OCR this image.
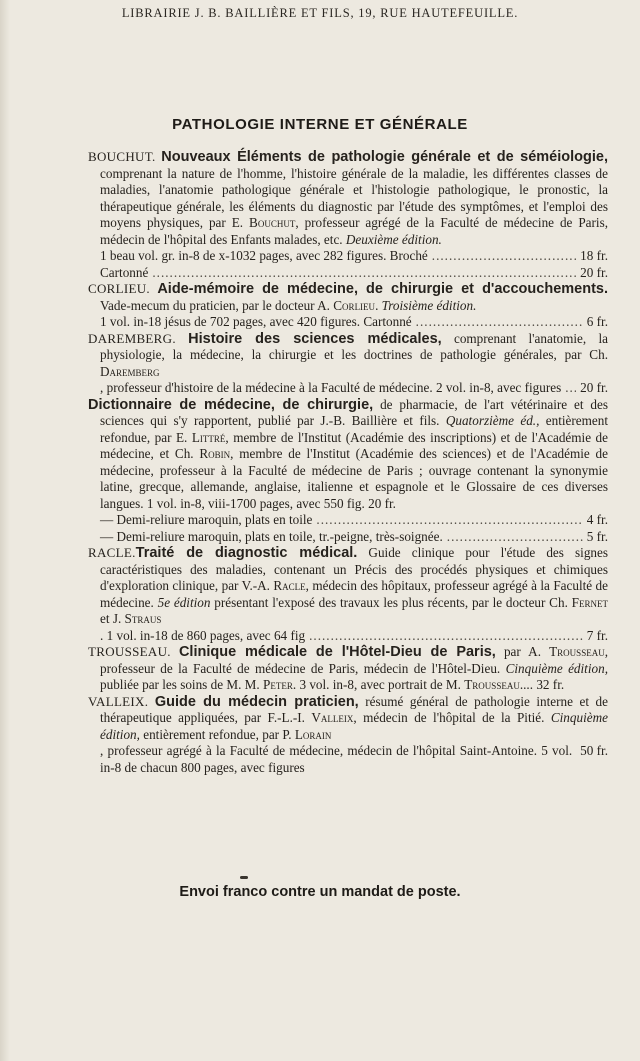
LIBRAIRIE J. B. BAILLIÈRE ET FILS, 19, RUE HAUTEFEUILLE.
PATHOLOGIE INTERNE ET GÉNÉRALE
BOUCHUT. Nouveaux Éléments de pathologie générale et de séméiologie, comprenant la nature de l'homme, l'histoire générale de la maladie, les différentes classes de maladies, l'anatomie pathologique générale et l'histologie pathologique, le pronostic, la thérapeutique générale, les éléments du diagnostic par l'étude des symptômes, et l'emploi des moyens physiques, par E. Bouchut, professeur agrégé de la Faculté de médecine de Paris, médecin de l'hôpital des Enfants malades, etc. Deuxième édition.
1 beau vol. gr. in-8 de x-1032 pages, avec 282 figures. Broché .....	18 fr.
Cartonné .....	20 fr.
CORLIEU. Aide-mémoire de médecine, de chirurgie et d'accouchements. Vade-mecum du praticien, par le docteur A. Corlieu. Troisième édition.
1 vol. in-18 jésus de 702 pages, avec 420 figures. Cartonné .....	6 fr.
DAREMBERG. Histoire des sciences médicales, comprenant l'anatomie, la physiologie, la médecine, la chirurgie et les doctrines de pathologie générales, par Ch. Daremberg
, professeur d'histoire de la médecine à la Faculté de médecine. 2 vol. in-8, avec figures ..... 20 fr.
Dictionnaire de médecine, de chirurgie, de pharmacie, de l'art vétérinaire et des sciences qui s'y rapportent, publié par J.-B. Baillière et fils. Quatorzième éd., entièrement refondue, par E. Littré, membre de l'Institut (Académie des inscriptions) et de l'Académie de médecine, et Ch. Robin, membre de l'Institut (Académie des sciences) et de l'Académie de médecine, professeur à la Faculté de médecine de Paris ; ouvrage contenant la synonymie latine, grecque, allemande, anglaise, italienne et espagnole et le Glossaire de ces diverses langues. 1 vol. in-8, viii-1700 pages, avec 550 fig. 20 fr.
— Demi-reliure maroquin, plats en toile .....	4 fr.
— Demi-reliure maroquin, plats en toile, tr.-peigne, très-soignée. .....	5 fr.
RACLE.Traité de diagnostic médical. Guide clinique pour l'étude des signes caractéristiques des maladies, contenant un Précis des procédés physiques et chimiques d'exploration clinique, par V.-A. Racle, médecin des hôpitaux, professeur agrégé à la Faculté de médecine. 5e édition présentant l'exposé des travaux les plus récents, par le docteur Ch. Fernet et J. Straus
. 1 vol. in-18 de 860 pages, avec 64 fig .....	7 fr.
TROUSSEAU. Clinique médicale de l'Hôtel-Dieu de Paris, par A. Trousseau, professeur de la Faculté de médecine de Paris, médecin de l'Hôtel-Dieu. Cinquième édition, publiée par les soins de M. M. Peter. 3 vol. in-8, avec portrait de M. Trousseau.... 32 fr.
VALLEIX. Guide du médecin praticien, résumé général de pathologie interne et de thérapeutique appliquées, par F.-L.-I. Valleix, médecin de l'hôpital de la Pitié. Cinquième édition, entièrement refondue, par P. Lorain
, professeur agrégé à la Faculté de médecine, médecin de l'hôpital Saint-Antoine. 5 vol. in-8 de chacun 800 pages, avec figures
50 fr.
Envoi franco contre un mandat de poste.
